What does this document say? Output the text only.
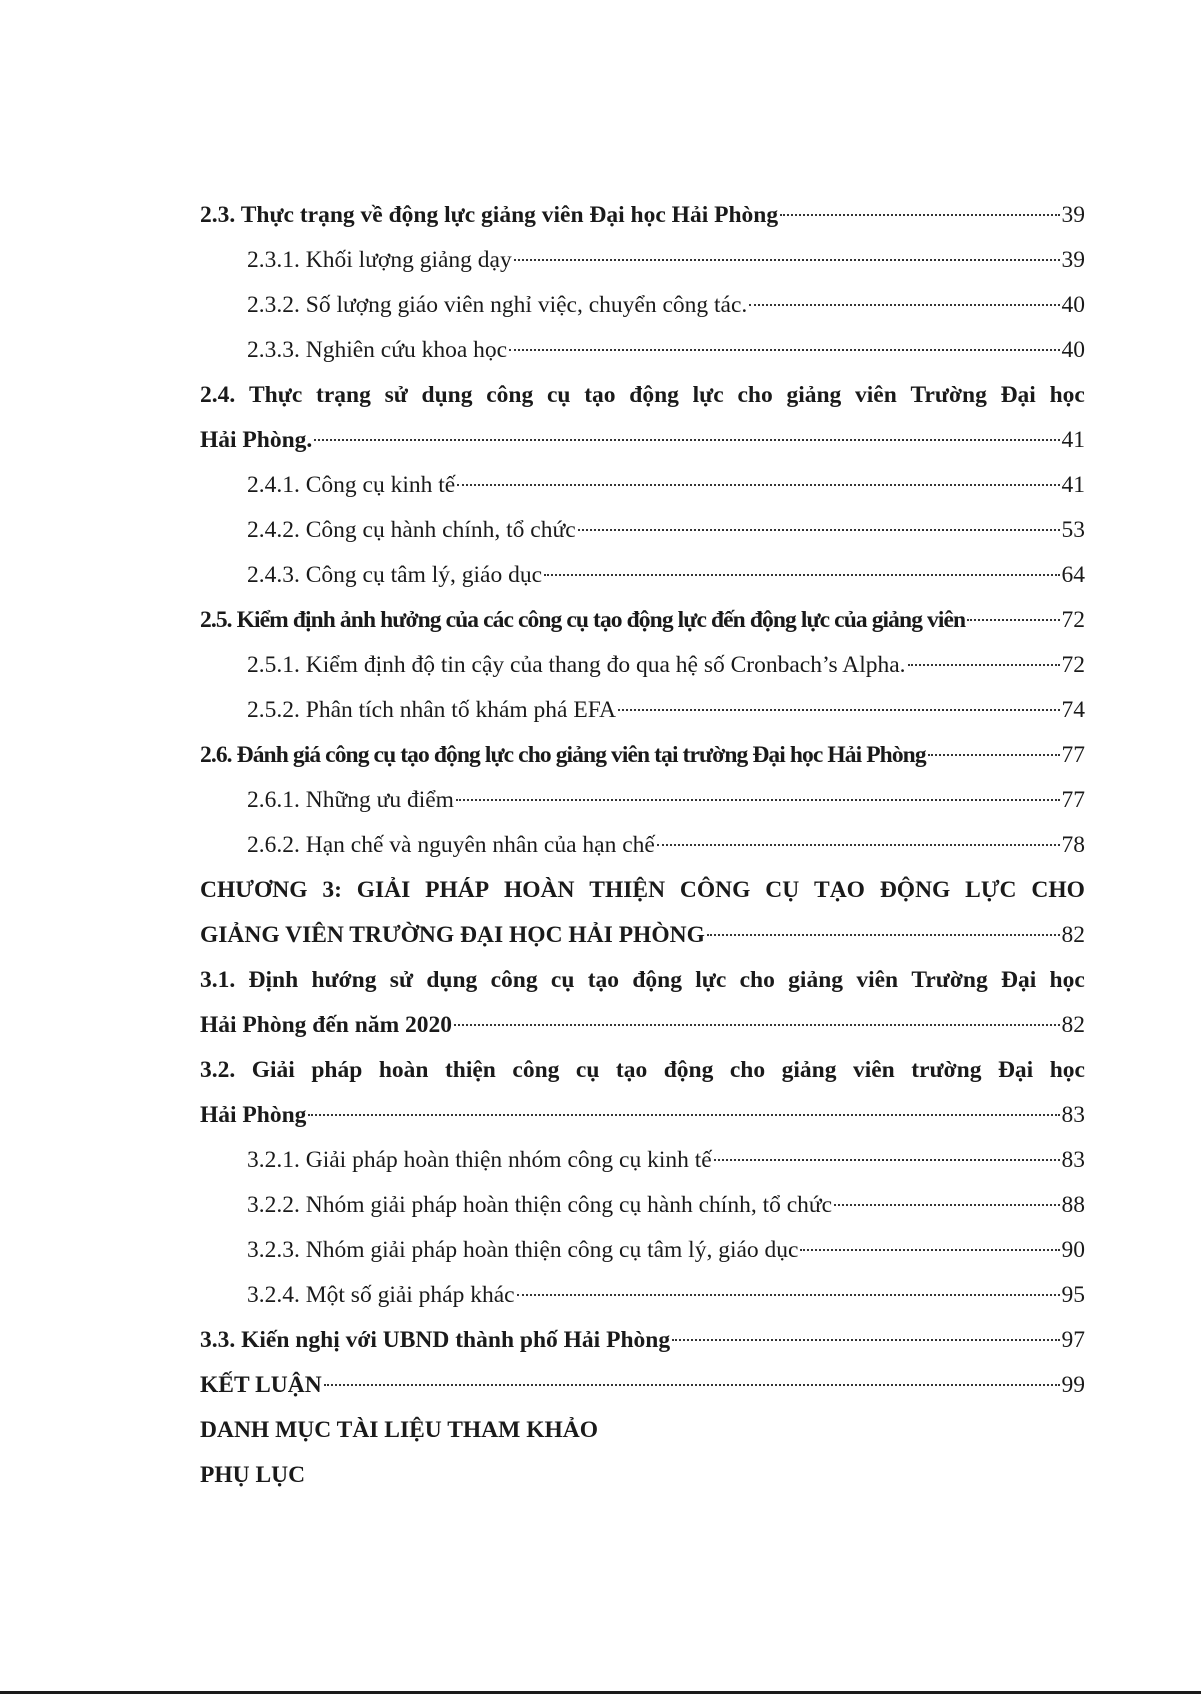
2.3. Thực trạng về động lực giảng viên Đại học Hải Phòng	39
2.3.1. Khối lượng giảng dạy	39
2.3.2. Số lượng giáo viên nghỉ việc, chuyển công tác.	40
2.3.3. Nghiên cứu khoa học	40
2.4. Thực trạng sử dụng công cụ tạo động lực cho giảng viên Trường Đại học
Hải Phòng.	41
2.4.1. Công cụ kinh tế	41
2.4.2. Công cụ hành chính, tổ chức	53
2.4.3. Công cụ tâm lý, giáo dục	64
2.5. Kiểm định ảnh hưởng của các công cụ tạo động lực đến động lực của giảng viên	72
2.5.1. Kiểm định độ tin cậy của thang đo qua hệ số Cronbach’s Alpha.	72
2.5.2. Phân tích nhân tố khám phá EFA	74
2.6. Đánh giá công cụ tạo động lực cho giảng viên tại trường Đại học Hải Phòng	77
2.6.1. Những ưu điểm	77
2.6.2. Hạn chế và nguyên nhân của hạn chế	78
CHƯƠNG 3: GIẢI PHÁP HOÀN THIỆN CÔNG CỤ TẠO ĐỘNG LỰC CHO
GIẢNG VIÊN TRƯỜNG ĐẠI HỌC HẢI PHÒNG	82
3.1. Định hướng sử dụng công cụ tạo động lực cho giảng viên Trường Đại học
Hải Phòng đến năm 2020	82
3.2. Giải pháp hoàn thiện công cụ tạo động cho giảng viên trường Đại học
Hải Phòng	83
3.2.1. Giải pháp hoàn thiện nhóm công cụ kinh tế	83
3.2.2. Nhóm giải pháp hoàn thiện công cụ hành chính, tổ chức	88
3.2.3. Nhóm giải pháp hoàn thiện công cụ tâm lý, giáo dục	90
3.2.4. Một số giải pháp khác	95
3.3. Kiến nghị với UBND thành phố Hải Phòng	97
KẾT LUẬN	99
DANH MỤC TÀI LIỆU THAM KHẢO
PHỤ LỤC
